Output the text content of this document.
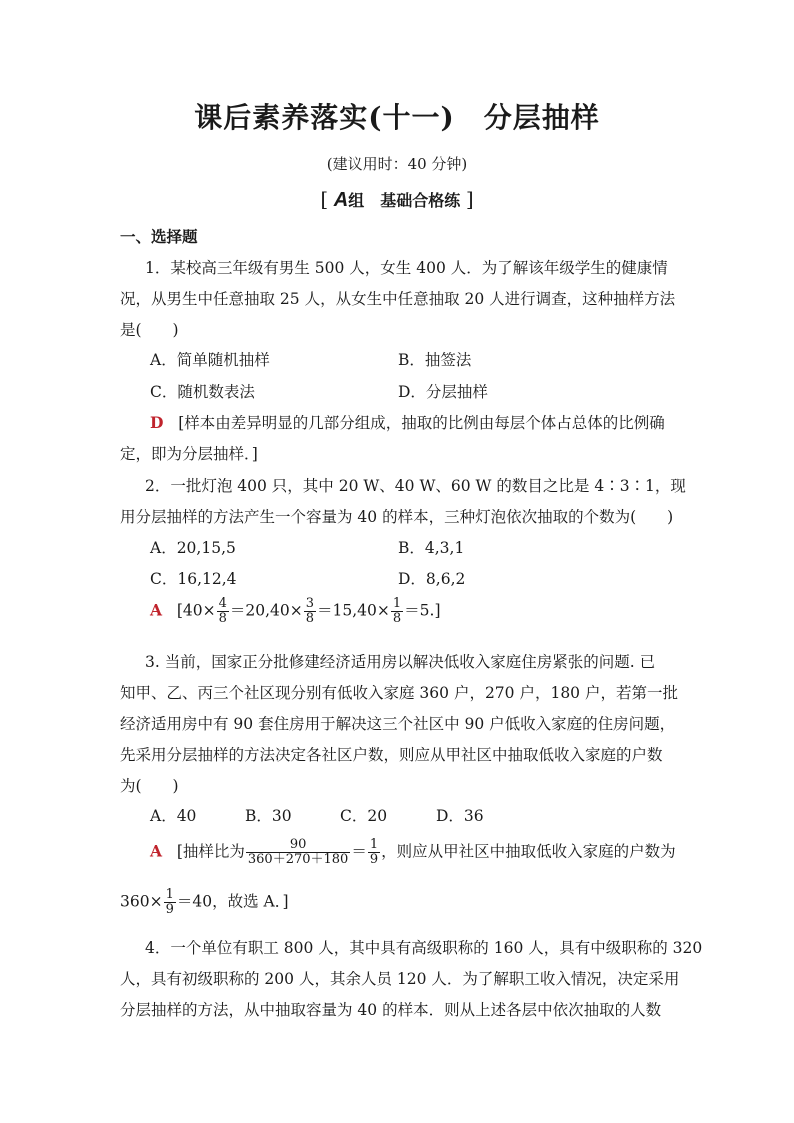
课后素养落实(十一)　分层抽样
(建议用时：40 分钟)
[ A组　基础合格练 ]
一、选择题
1．某校高三年级有男生 500 人，女生 400 人．为了解该年级学生的健康情
况，从男生中任意抽取 25 人，从女生中任意抽取 20 人进行调查，这种抽样方法
是(　　)
A．简单随机抽样	B．抽签法
C．随机数表法	D．分层抽样
D [样本由差异明显的几部分组成，抽取的比例由每层个体占总体的比例确
定，即为分层抽样．]
2．一批灯泡 400 只，其中 20 W、40 W、60 W 的数目之比是 4∶3∶1，现
用分层抽样的方法产生一个容量为 40 的样本，三种灯泡依次抽取的个数为(　　)
A．20,15,5	B．4,3,1
C．16,12,4	D．8,6,2
A $[40\times \frac{4}{8} =20,40\times \frac{3}{8} =15,40\times \frac{1}{8} =5.]$
3. 当前，国家正分批修建经济适用房以解决低收入家庭住房紧张的问题. 已
知甲、乙、丙三个社区现分别有低收入家庭 360 户，270 户，180 户，若第一批
经济适用房中有 90 套住房用于解决这三个社区中 90 户低收入家庭的住房问题，
先采用分层抽样的方法决定各社区户数，则应从甲社区中抽取低收入家庭的户数
为(　　)
A．40	B．30	C．20	D．36
A [抽样比为 $\frac{90}{360+270+180} = \frac{1}{9}$ ，则应从甲社区中抽取低收入家庭的户数为
$360\times \frac{1}{9} =40$，故选 A．]
4．一个单位有职工 800 人，其中具有高级职称的 160 人，具有中级职称的 320
人，具有初级职称的 200 人，其余人员 120 人．为了解职工收入情况，决定采用
分层抽样的方法，从中抽取容量为 40 的样本．则从上述各层中依次抽取的人数
